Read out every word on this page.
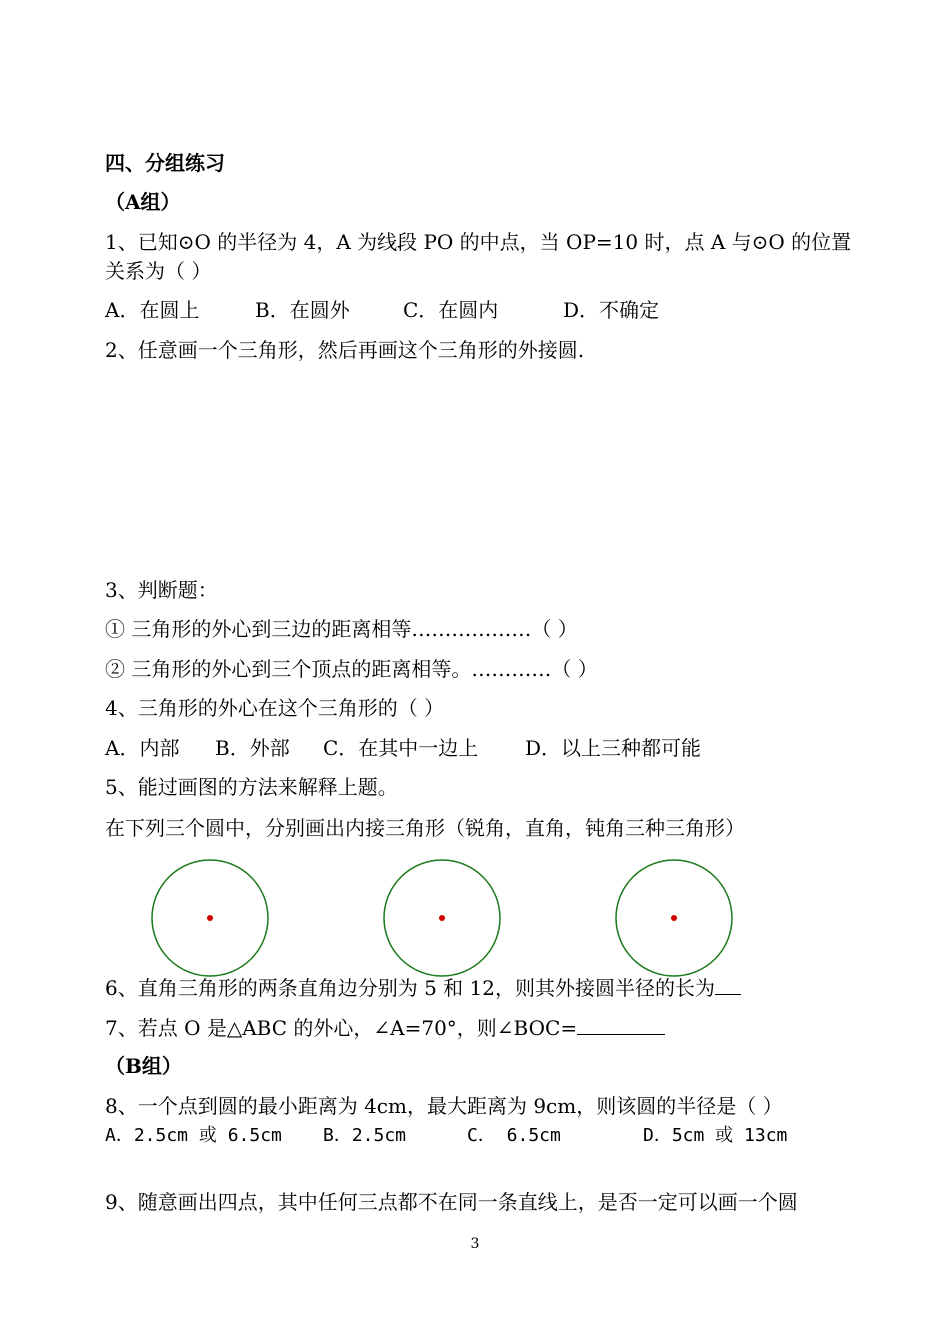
四、分组练习
（A组）
1、已知⊙O 的半径为 4，A 为线段 PO 的中点，当 OP=10 时，点 A 与⊙O 的位置
关系为（ ）
A．在圆上	B．在圆外	C．在圆内	D．不确定
2、任意画一个三角形，然后再画这个三角形的外接圆.
3、判断题：
① 三角形的外心到三边的距离相等………………（ ）
② 三角形的外心到三个顶点的距离相等。…………（ ）
4、三角形的外心在这个三角形的（ ）
A．内部 B．外部 C．在其中一边上 D．以上三种都可能
5、能过画图的方法来解释上题。
在下列三个圆中，分别画出内接三角形（锐角，直角，钝角三种三角形）
6、直角三角形的两条直角边分别为 5 和 12，则其外接圆半径的长为
7、若点 O 是△ABC 的外心，∠A=70°，则∠BOC=
（B组）
8、一个点到圆的最小距离为 4cm，最大距离为 9cm，则该圆的半径是（ ）
A．2.5cm 或 6.5cm B．2.5cm	C． 6.5cm	D．5cm 或 13cm
9、随意画出四点，其中任何三点都不在同一条直线上，是否一定可以画一个圆
3
